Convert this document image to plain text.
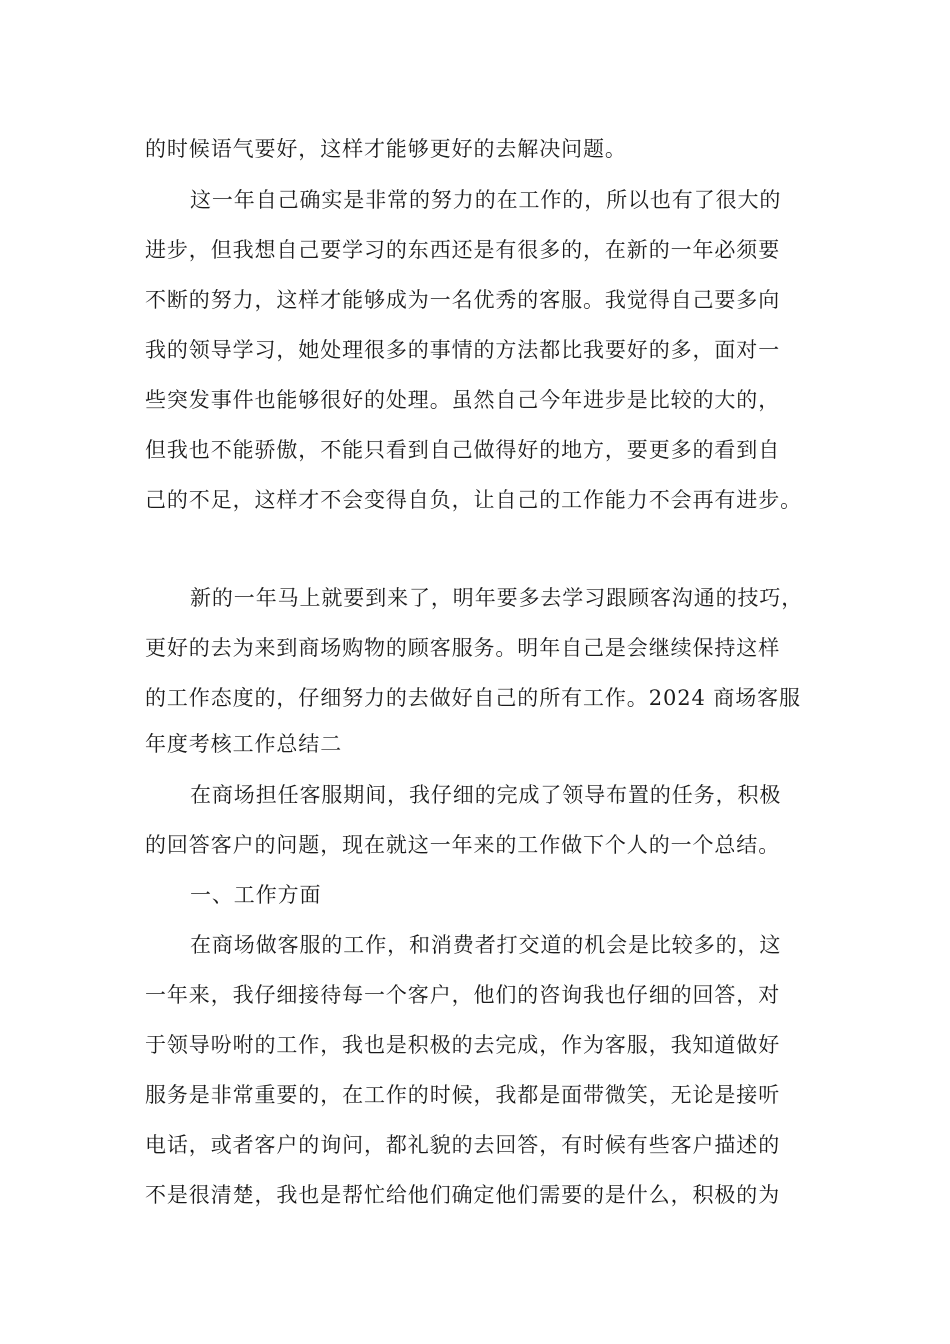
的时候语气要好，这样才能够更好的去解决问题。

这一年自己确实是非常的努力的在工作的，所以也有了很大的

进步，但我想自己要学习的东西还是有很多的，在新的一年必须要

不断的努力，这样才能够成为一名优秀的客服。我觉得自己要多向

我的领导学习，她处理很多的事情的方法都比我要好的多，面对一

些突发事件也能够很好的处理。虽然自己今年进步是比较的大的，

但我也不能骄傲，不能只看到自己做得好的地方，要更多的看到自

己的不足，这样才不会变得自负，让自己的工作能力不会再有进步。

新的一年马上就要到来了，明年要多去学习跟顾客沟通的技巧，

更好的去为来到商场购物的顾客服务。明年自己是会继续保持这样

的工作态度的，仔细努力的去做好自己的所有工作。2024 商场客服

年度考核工作总结二

在商场担任客服期间，我仔细的完成了领导布置的任务，积极

的回答客户的问题，现在就这一年来的工作做下个人的一个总结。

一、工作方面

在商场做客服的工作，和消费者打交道的机会是比较多的，这

一年来，我仔细接待每一个客户，他们的咨询我也仔细的回答，对

于领导吩咐的工作，我也是积极的去完成，作为客服，我知道做好

服务是非常重要的，在工作的时候，我都是面带微笑，无论是接听

电话，或者客户的询问，都礼貌的去回答，有时候有些客户描述的

不是很清楚，我也是帮忙给他们确定他们需要的是什么，积极的为
